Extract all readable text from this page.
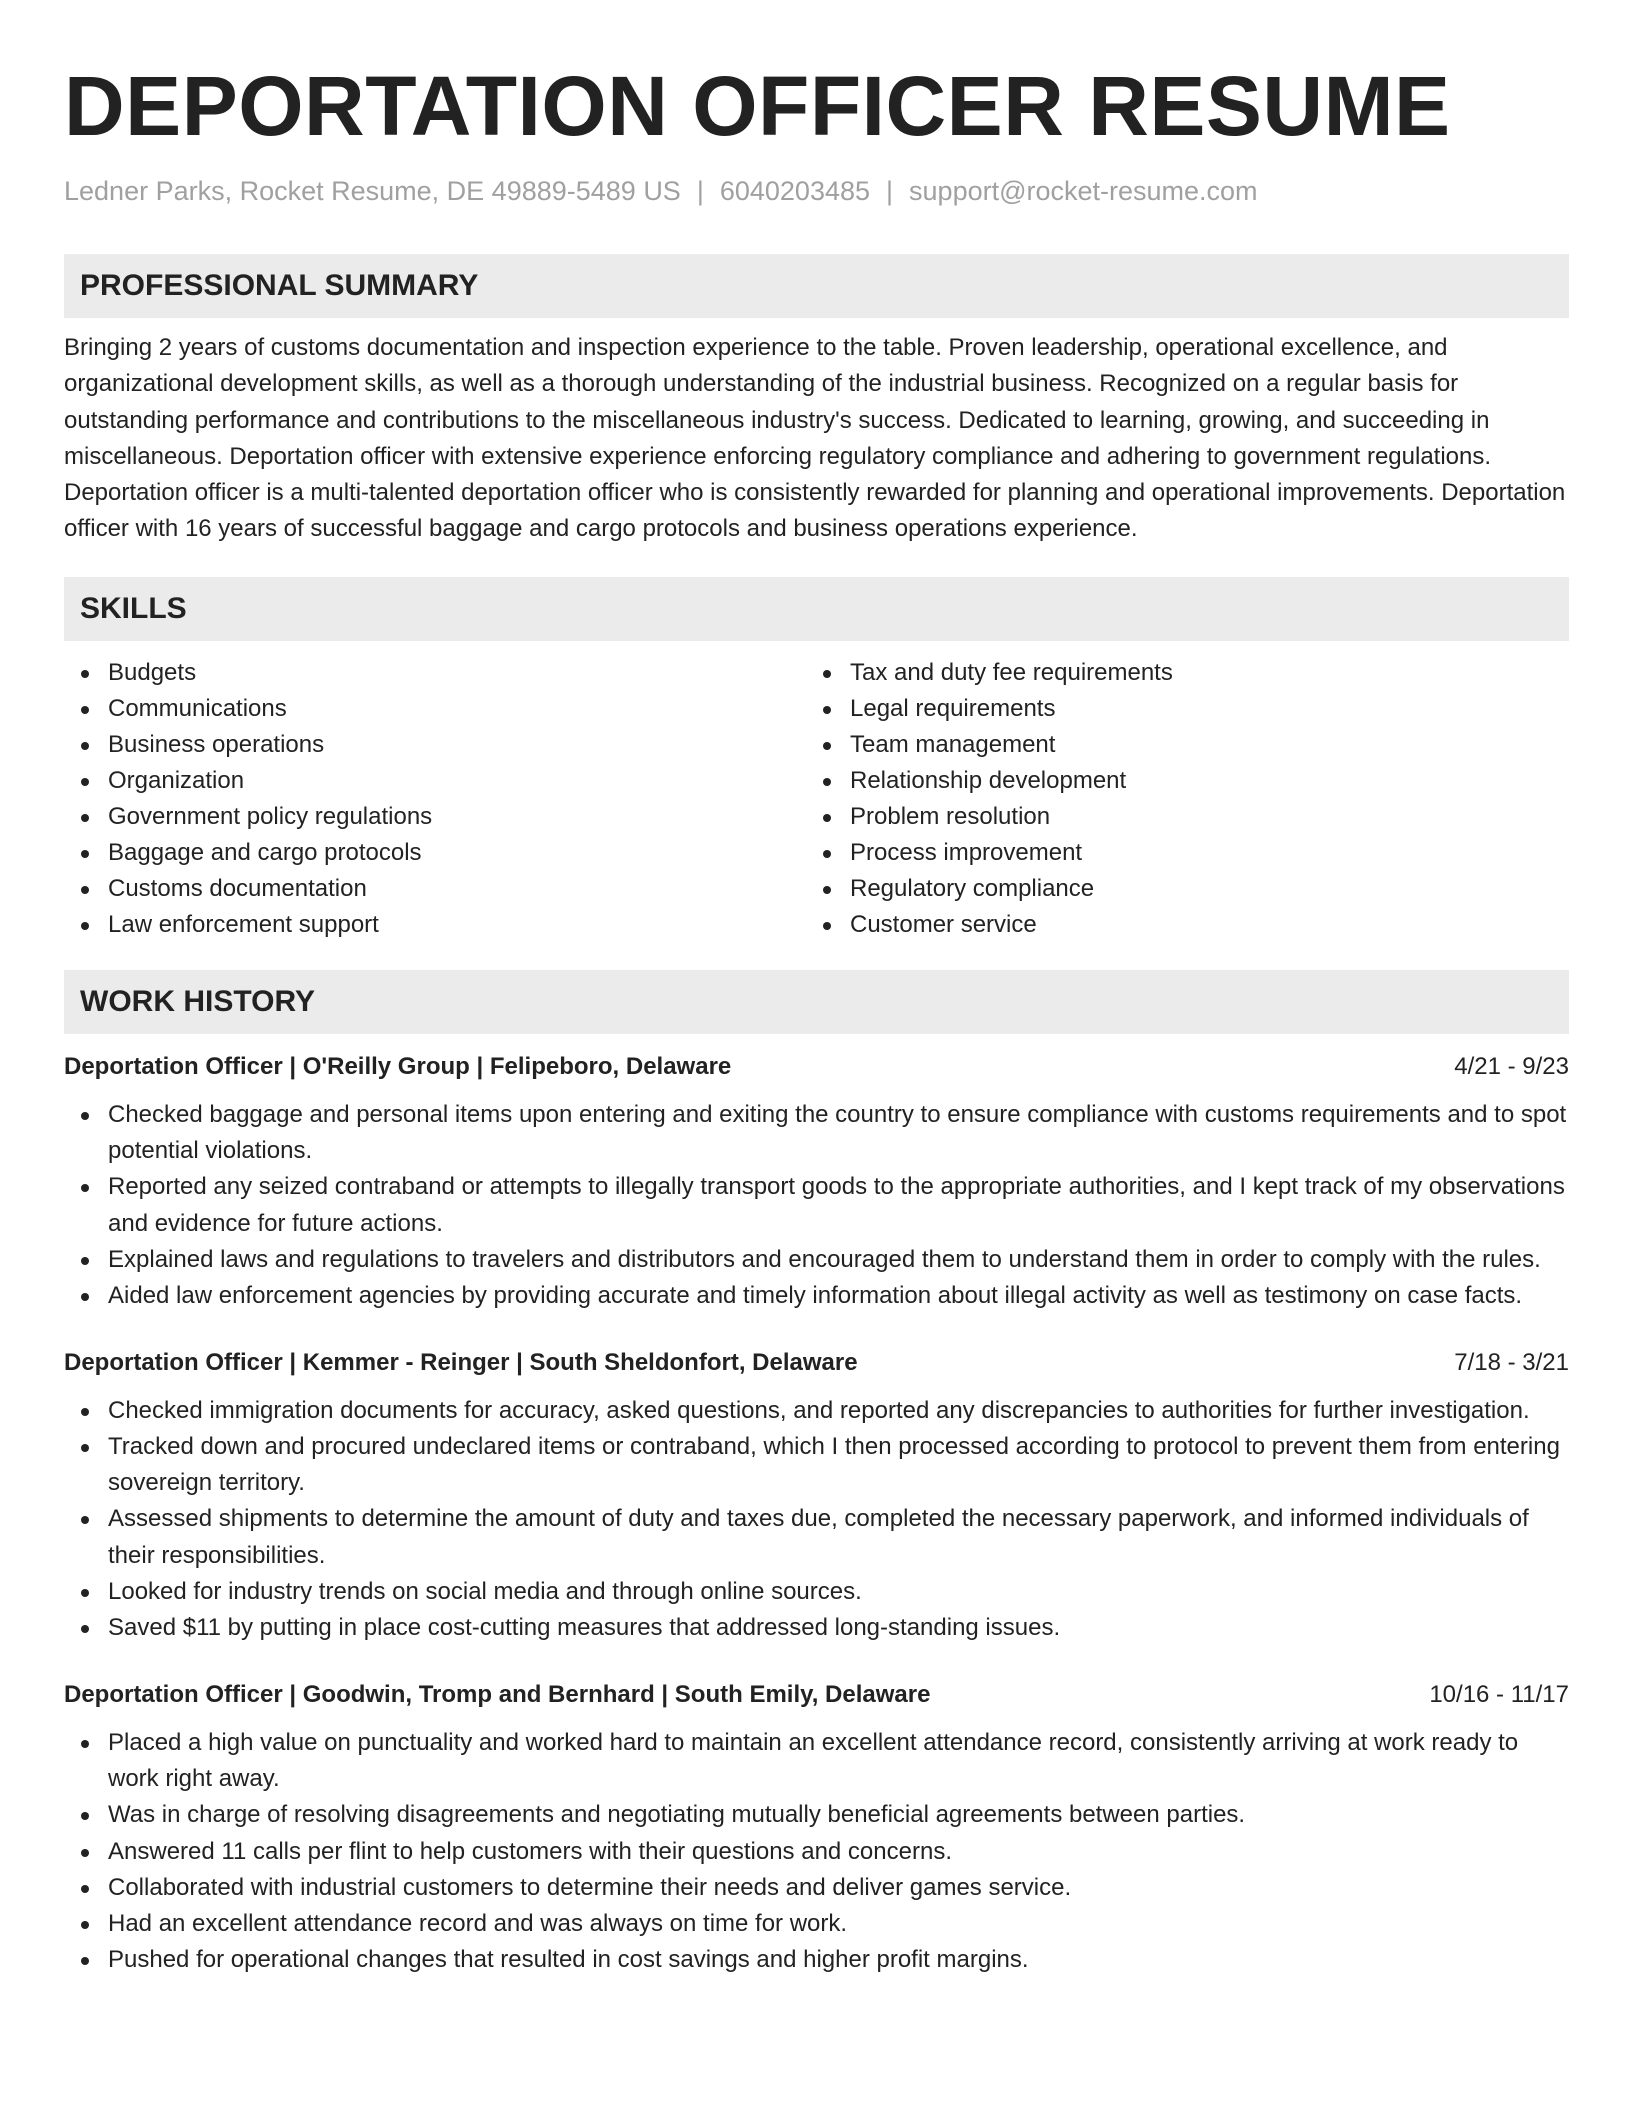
DEPORTATION OFFICER RESUME
Ledner Parks, Rocket Resume, DE 49889-5489 US | 6040203485 | support@rocket-resume.com
PROFESSIONAL SUMMARY

Bringing 2 years of customs documentation and inspection experience to the table. Proven leadership, operational excellence, and organizational development skills, as well as a thorough understanding of the industrial business. Recognized on a regular basis for outstanding performance and contributions to the miscellaneous industry's success. Dedicated to learning, growing, and succeeding in miscellaneous. Deportation officer with extensive experience enforcing regulatory compliance and adhering to government regulations. Deportation officer is a multi-talented deportation officer who is consistently rewarded for planning and operational improvements. Deportation officer with 16 years of successful baggage and cargo protocols and business operations experience.

SKILLS
Budgets
Communications
Business operations
Organization
Government policy regulations
Baggage and cargo protocols
Customs documentation
Law enforcement support
Tax and duty fee requirements
Legal requirements
Team management
Relationship development
Problem resolution
Process improvement
Regulatory compliance
Customer service
WORK HISTORY
Deportation Officer | O'Reilly Group | Felipeboro, Delaware	4/21 - 9/23
Checked baggage and personal items upon entering and exiting the country to ensure compliance with customs requirements and to spot potential violations.
Reported any seized contraband or attempts to illegally transport goods to the appropriate authorities, and I kept track of my observations and evidence for future actions.
Explained laws and regulations to travelers and distributors and encouraged them to understand them in order to comply with the rules.
Aided law enforcement agencies by providing accurate and timely information about illegal activity as well as testimony on case facts.
Deportation Officer | Kemmer - Reinger | South Sheldonfort, Delaware	7/18 - 3/21
Checked immigration documents for accuracy, asked questions, and reported any discrepancies to authorities for further investigation.
Tracked down and procured undeclared items or contraband, which I then processed according to protocol to prevent them from entering sovereign territory.
Assessed shipments to determine the amount of duty and taxes due, completed the necessary paperwork, and informed individuals of their responsibilities.
Looked for industry trends on social media and through online sources.
Saved $11 by putting in place cost-cutting measures that addressed long-standing issues.
Deportation Officer | Goodwin, Tromp and Bernhard | South Emily, Delaware	10/16 - 11/17
Placed a high value on punctuality and worked hard to maintain an excellent attendance record, consistently arriving at work ready to work right away.
Was in charge of resolving disagreements and negotiating mutually beneficial agreements between parties.
Answered 11 calls per flint to help customers with their questions and concerns.
Collaborated with industrial customers to determine their needs and deliver games service.
Had an excellent attendance record and was always on time for work.
Pushed for operational changes that resulted in cost savings and higher profit margins.
